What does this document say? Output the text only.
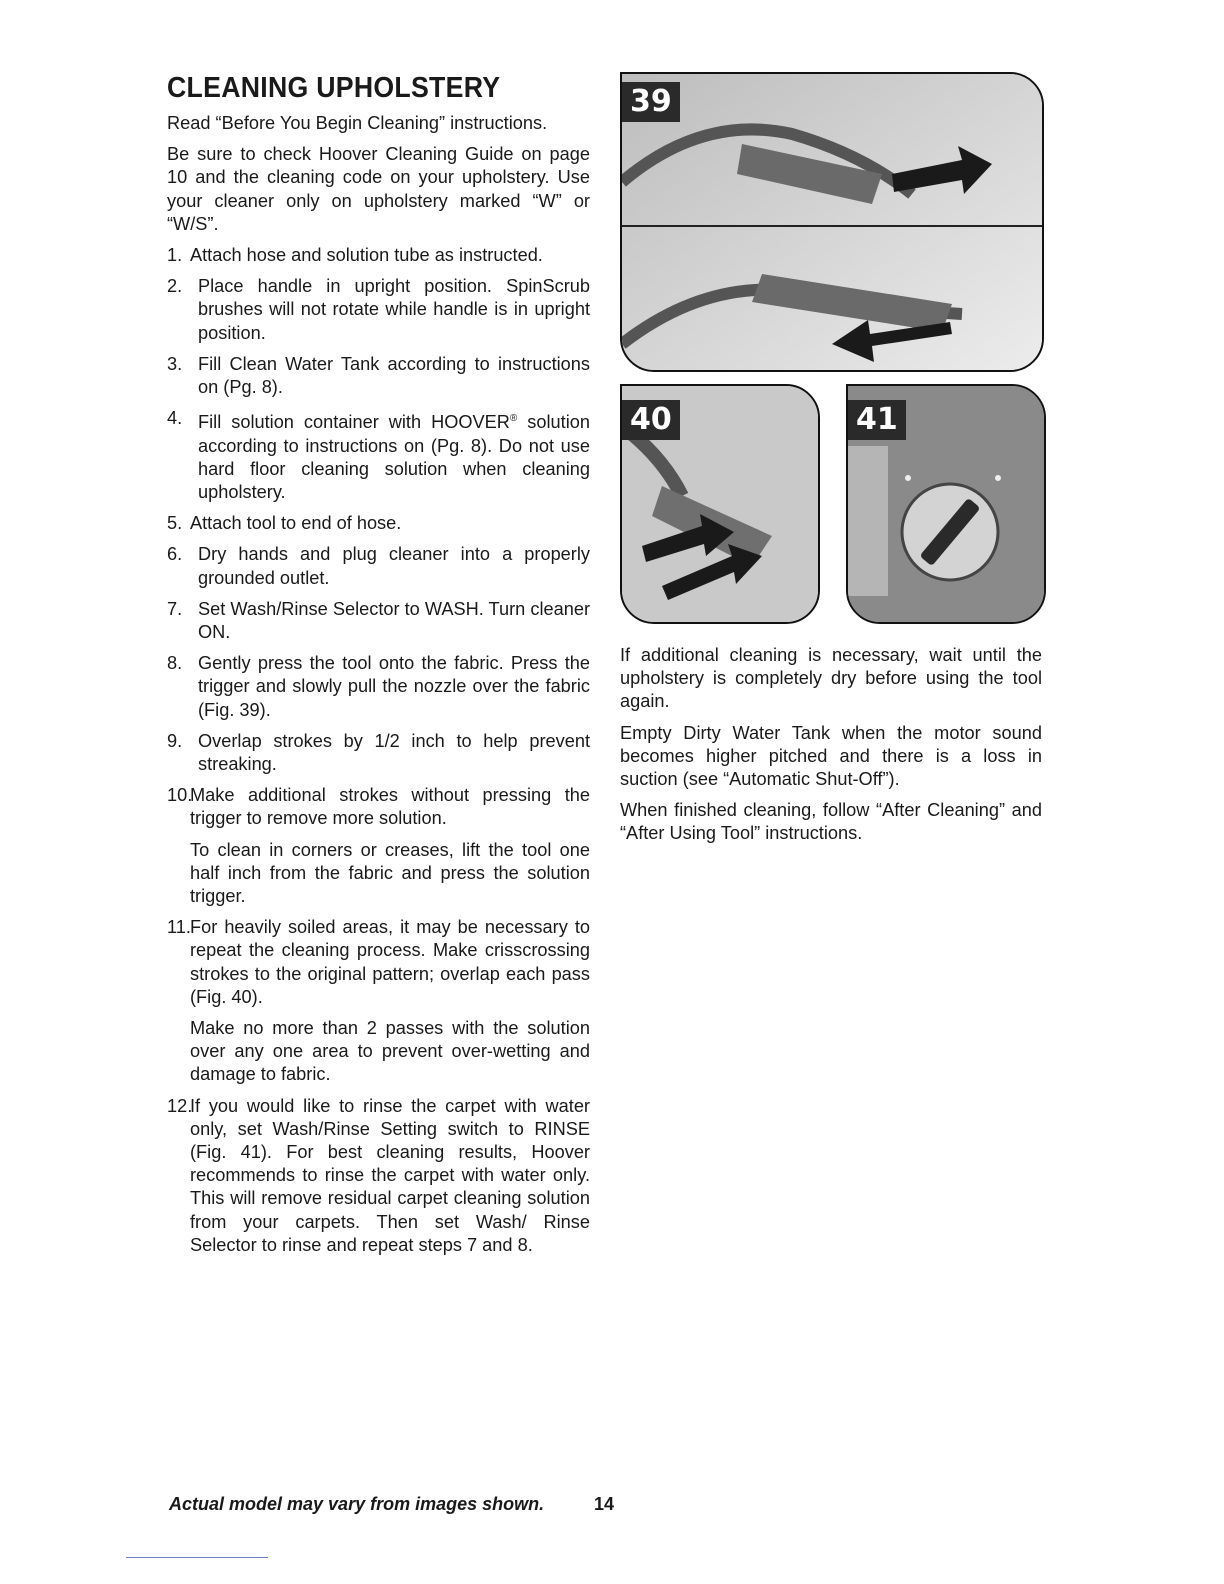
CLEANING UPHOLSTERY

Read “Before You Begin Cleaning” instructions.

Be sure to check Hoover Cleaning Guide on page 10 and the cleaning code on your upholstery. Use your cleaner only on upholstery marked “W” or “W/S”.

1. Attach hose and solution tube as instructed.
2. Place handle in upright position. SpinScrub brushes will not rotate while handle is in upright position.
3. Fill Clean Water Tank according to instructions on (Pg. 8).
4. Fill solution container with HOOVER® solution according to instructions on (Pg. 8). Do not use hard floor cleaning solution when cleaning upholstery.
5. Attach tool to end of hose.
6. Dry hands and plug cleaner into a properly grounded outlet.
7. Set Wash/Rinse Selector to WASH. Turn cleaner ON.
8. Gently press the tool onto the fabric. Press the trigger and slowly pull the nozzle over the fabric (Fig. 39).
9. Overlap strokes by 1/2 inch to help prevent streaking.
10.
Make additional strokes without pressing the trigger to remove more solution.

To clean in corners or creases, lift the tool one half inch from the fabric and press the solution trigger.

11. For heavily soiled areas, it may be necessary to repeat the cleaning process. Make crisscrossing strokes to the original pattern; overlap each pass (Fig. 40).

Make no more than 2 passes with the solution over any one area to prevent over-wetting and damage to fabric.

12.
If you would like to rinse the carpet with water only, set Wash/Rinse Setting switch to RINSE (Fig. 41). For best cleaning results, Hoover recommends to rinse the carpet with water only. This will remove residual carpet cleaning solution from your carpets. Then set Wash/ Rinse Selector to rinse and repeat steps 7 and 8.
39
40	41

If additional cleaning is necessary, wait until the upholstery is completely dry before using the tool again.

Empty Dirty Water Tank when the motor sound becomes higher pitched and there is a loss in suction (see “Automatic Shut-Off”).

When finished cleaning, follow “After Cleaning” and “After Using Tool” instructions.

Actual model may vary from images shown.	14
